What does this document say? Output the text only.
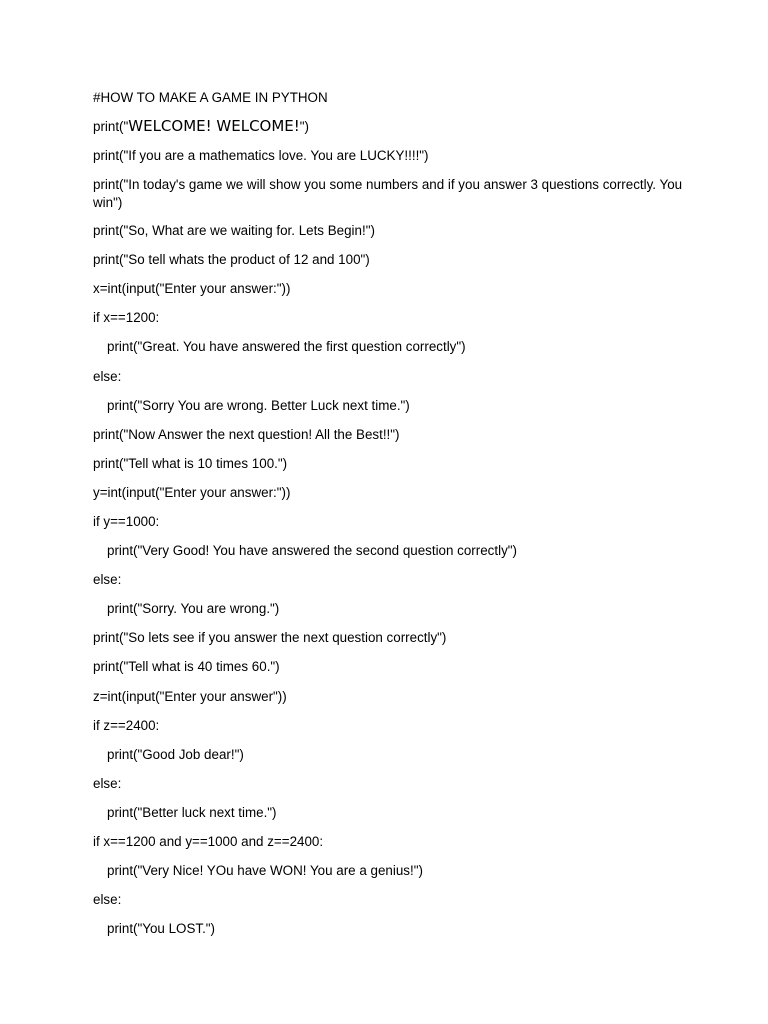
#HOW TO MAKE A GAME IN PYTHON
print("WELCOME! WELCOME!")
print("If you are a mathematics love. You are LUCKY!!!!")
print("In today's game we will show you some numbers and if you answer 3 questions correctly. You win")
print("So, What are we waiting for. Lets Begin!")
print("So tell whats the product of 12 and 100")
x=int(input("Enter your answer:"))
if x==1200:
print("Great. You have answered the first question correctly")
else:
print("Sorry You are wrong. Better Luck next time.")
print("Now Answer the next question! All the Best!!")
print("Tell what is 10 times 100.")
y=int(input("Enter your answer:"))
if y==1000:
print("Very Good! You have answered the second question correctly")
else:
print("Sorry. You are wrong.")
print("So lets see if you answer the next question correctly")
print("Tell what is 40 times 60.")
z=int(input("Enter your answer"))
if z==2400:
print("Good Job dear!")
else:
print("Better luck next time.")
if x==1200 and y==1000 and z==2400:
print("Very Nice! YOu have WON! You are a genius!")
else:
print("You LOST.")
